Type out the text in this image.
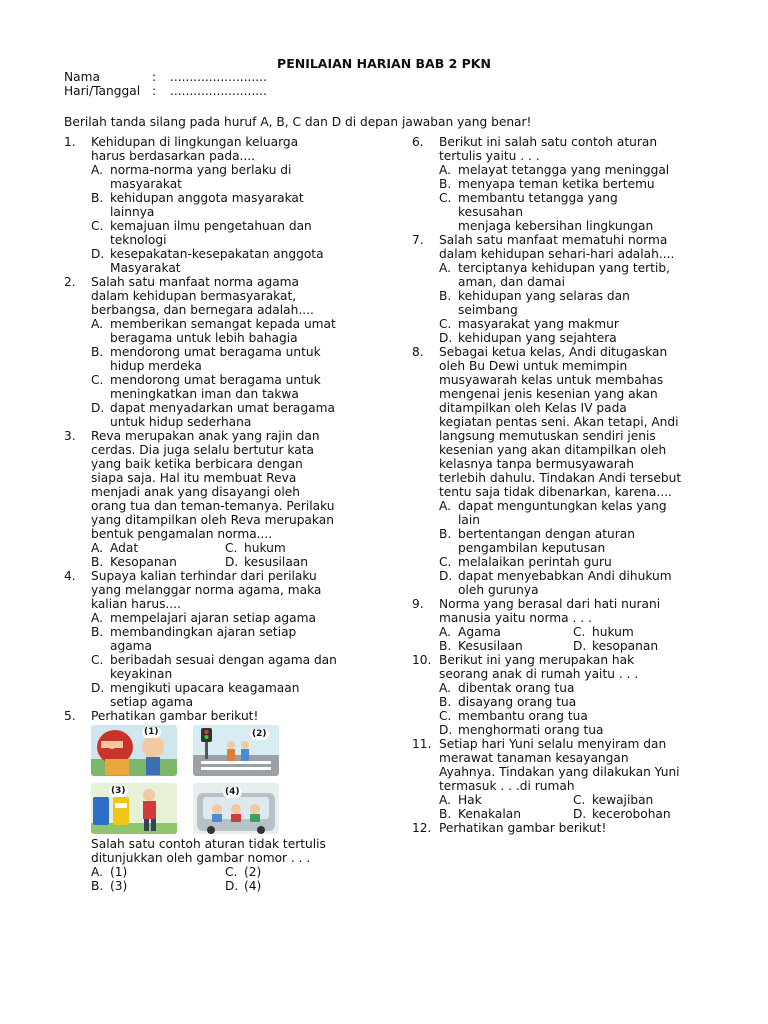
PENILAIAN HARIAN BAB 2 PKN
Nama	:	.........................
Hari/Tanggal :	.........................
Berilah tanda silang pada huruf A, B, C dan D di depan jawaban yang benar!
1.	Kehidupan di lingkungan keluarga
harus berdasarkan pada....
A. norma-norma yang berlaku di
masyarakat
B. kehidupan anggota masyarakat
lainnya
C. kemajuan ilmu pengetahuan dan
teknologi
D. kesepakatan-kesepakatan anggota
Masyarakat
2.	Salah satu manfaat norma agama
dalam kehidupan bermasyarakat,
berbangsa, dan bernegara adalah....
A. memberikan semangat kepada umat
beragama untuk lebih bahagia
B. mendorong umat beragama untuk
hidup merdeka
C. mendorong umat beragama untuk
meningkatkan iman dan takwa
D. dapat menyadarkan umat beragama
untuk hidup sederhana
3.	Reva merupakan anak yang rajin dan
cerdas. Dia juga selalu bertutur kata
yang baik ketika berbicara dengan
siapa saja. Hal itu membuat Reva
menjadi anak yang disayangi oleh
orang tua dan teman-temanya. Perilaku
yang ditampilkan oleh Reva merupakan
bentuk pengamalan norma....
A. Adat	C. hukum
B. Kesopanan	D. kesusilaan
4.	Supaya kalian terhindar dari perilaku
yang melanggar norma agama, maka
kalian harus....
A. mempelajari ajaran setiap agama
B. membandingkan ajaran setiap
agama
C. beribadah sesuai dengan agama dan
keyakinan
D. mengikuti upacara keagamaan
setiap agama
5.	Perhatikan gambar berikut!
(1)	(2)
(3)	(4)
Salah satu contoh aturan tidak tertulis
ditunjukkan oleh gambar nomor . . .
A. (1)	C. (2)
B. (3)	D. (4)
6.	Berikut ini salah satu contoh aturan
tertulis yaitu . . .
A. melayat tetangga yang meninggal
B. menyapa teman ketika bertemu
C. membantu tetangga yang
kesusahan
menjaga kebersihan lingkungan
7.	Salah satu manfaat mematuhi norma
dalam kehidupan sehari-hari adalah....
A. terciptanya kehidupan yang tertib,
aman, dan damai
B. kehidupan yang selaras dan
seimbang
C. masyarakat yang makmur
D. kehidupan yang sejahtera
8.	Sebagai ketua kelas, Andi ditugaskan
oleh Bu Dewi untuk memimpin
musyawarah kelas untuk membahas
mengenai jenis kesenian yang akan
ditampilkan oleh Kelas IV pada
kegiatan pentas seni. Akan tetapi, Andi
langsung memutuskan sendiri jenis
kesenian yang akan ditampilkan oleh
kelasnya tanpa bermusyawarah
terlebih dahulu. Tindakan Andi tersebut
tentu saja tidak dibenarkan, karena....
A. dapat menguntungkan kelas yang
lain
B. bertentangan dengan aturan
pengambilan keputusan
C. melalaikan perintah guru
D. dapat menyebabkan Andi dihukum
oleh gurunya
9.	Norma yang berasal dari hati nurani
manusia yaitu norma . . .
A. Agama	C. hukum
B. Kesusilaan	D. kesopanan
10. Berikut ini yang merupakan hak
seorang anak di rumah yaitu . . .
A. dibentak orang tua
B. disayang orang tua
C. membantu orang tua
D. menghormati orang tua
11. Setiap hari Yuni selalu menyiram dan
merawat tanaman kesayangan
Ayahnya. Tindakan yang dilakukan Yuni
termasuk . . .di rumah
A. Hak	C. kewajiban
B. Kenakalan	D. kecerobohan
12. Perhatikan gambar berikut!
